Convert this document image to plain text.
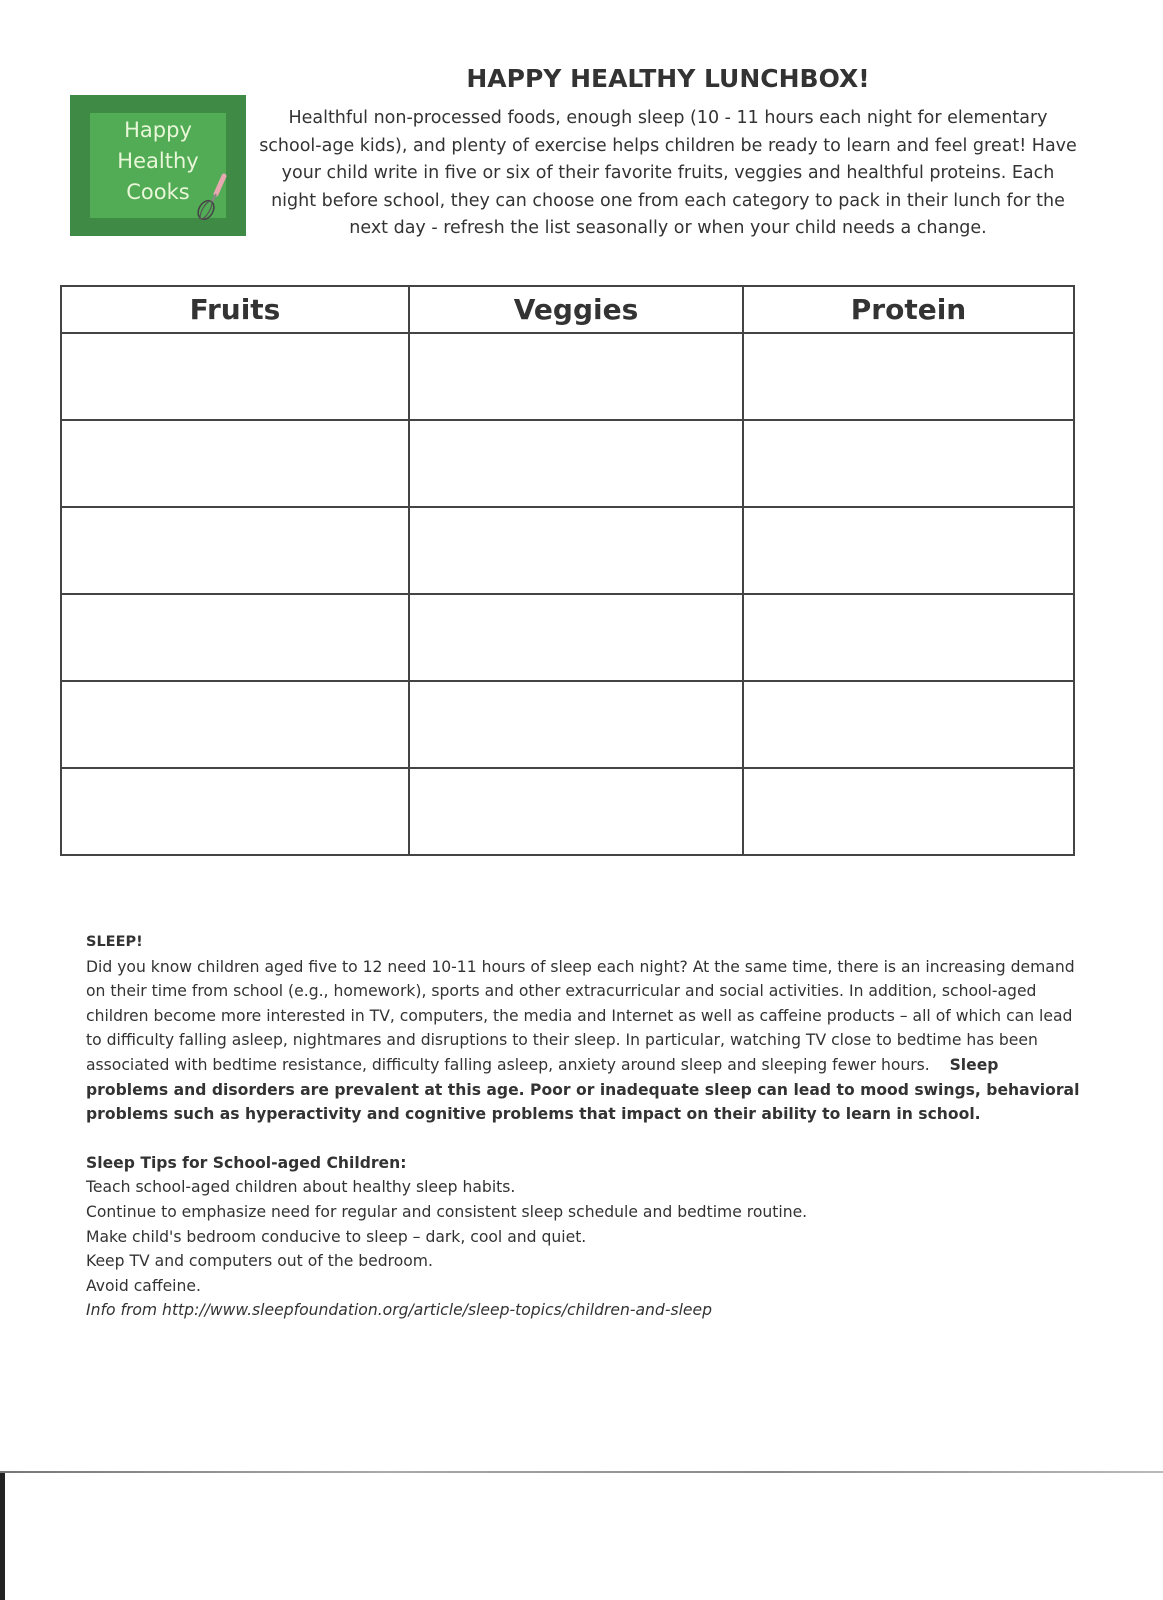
Happy
Healthy
Cooks
HAPPY HEALTHY LUNCHBOX!
Healthful non-processed foods, enough sleep (10 - 11 hours each night for elementary school-age kids), and plenty of exercise helps children be ready to learn and feel great! Have your child write in five or six of their favorite fruits, veggies and healthful proteins. Each night before school, they can choose one from each category to pack in their lunch for the next day - refresh the list seasonally or when your child needs a change.
Fruits	Veggies	Protein

SLEEP!

Did you know children aged five to 12 need 10-11 hours of sleep each night? At the same time, there is an increasing demand on their time from school (e.g., homework), sports and other extracurricular and social activities. In addition, school-aged children become more interested in TV, computers, the media and Internet as well as caffeine products – all of which can lead to difficulty falling asleep, nightmares and disruptions to their sleep. In particular, watching TV close to bedtime has been associated with bedtime resistance, difficulty falling asleep, anxiety around sleep and sleeping fewer hours. Sleep problems and disorders are prevalent at this age. Poor or inadequate sleep can lead to mood swings, behavioral problems such as hyperactivity and cognitive problems that impact on their ability to learn in school.

Sleep Tips for School-aged Children:

Teach school-aged children about healthy sleep habits.

Continue to emphasize need for regular and consistent sleep schedule and bedtime routine.

Make child's bedroom conducive to sleep – dark, cool and quiet.

Keep TV and computers out of the bedroom.

Avoid caffeine.

Info from http://www.sleepfoundation.org/article/sleep-topics/children-and-sleep
